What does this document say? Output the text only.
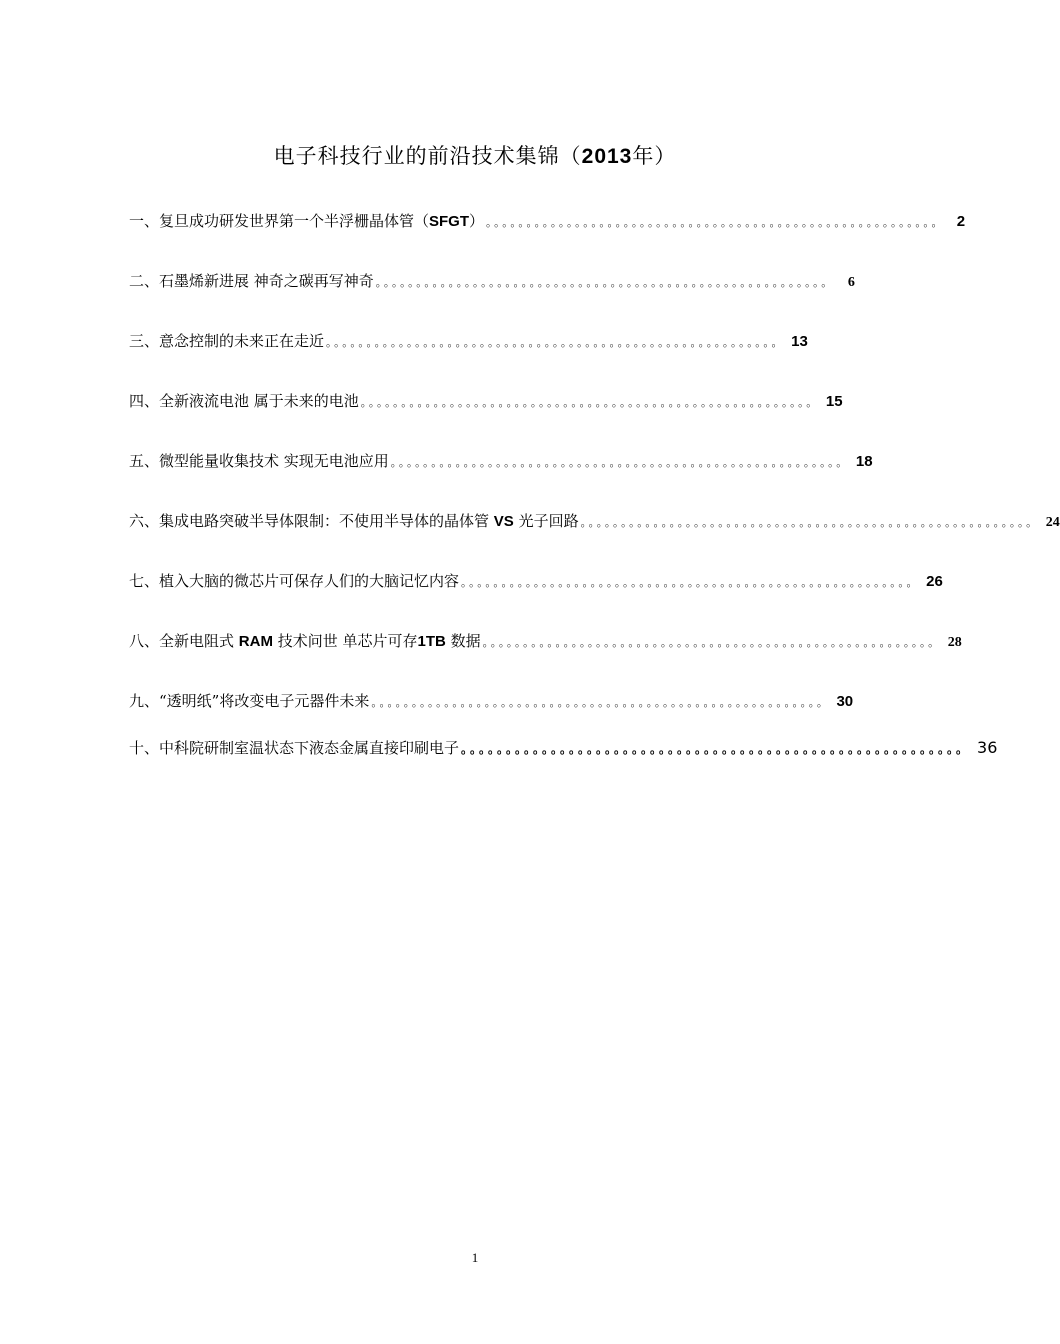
电子科技行业的前沿技术集锦（2013年）
一、复旦成功研发世界第一个半浮栅晶体管（SFGT） 。。。。。。。。。。。。。。。。。。。。。。。。。。。。。。。。。。。。。。。。。。。。。。。。。。。。。。。。 2
二、石墨烯新进展 神奇之碳再写神奇 。。。。。。。。。。。。。。。。。。。。。。。。。。。。。。。。。。。。。。。。。。。。。。。。。。。。。。。。 6
三、意念控制的未来正在走近 。。。。。。。。。。。。。。。。。。。。。。。。。。。。。。。。。。。。。。。。。。。。。。。。。。。。。。。。 13
四、全新液流电池 属于未来的电池 。。。。。。。。。。。。。。。。。。。。。。。。。。。。。。。。。。。。。。。。。。。。。。。。。。。。。。。。 15
五、微型能量收集技术 实现无电池应用 。。。。。。。。。。。。。。。。。。。。。。。。。。。。。。。。。。。。。。。。。。。。。。。。。。。。。。。。 18
六、集成电路突破半导体限制：不使用半导体的晶体管 VS 光子回路 。。。。。。。。。。。。。。。。。。。。。。。。。。。。。。。。。。。。。。。。。。。。。。。。。。。。。。。。 24
七、植入大脑的微芯片可保存人们的大脑记忆内容 。。。。。。。。。。。。。。。。。。。。。。。。。。。。。。。。。。。。。。。。。。。。。。。。。。。。。。。。 26
八、全新电阻式 RAM 技术问世 单芯片可存1TB 数据 。。。。。。。。。。。。。。。。。。。。。。。。。。。。。。。。。。。。。。。。。。。。。。。。。。。。。。。。 28
九、“透明纸”将改变电子元器件未来 。。。。。。。。。。。。。。。。。。。。。。。。。。。。。。。。。。。。。。。。。。。。。。。。。。。。。。。。 30
十、中科院研制室温状态下液态金属直接印刷电子 。。。。。。。。。。。。。。。。。。。。。。。。。。。。。。。。。。。。。。。。。。。。。。。。。。。。。。。。 36
1
